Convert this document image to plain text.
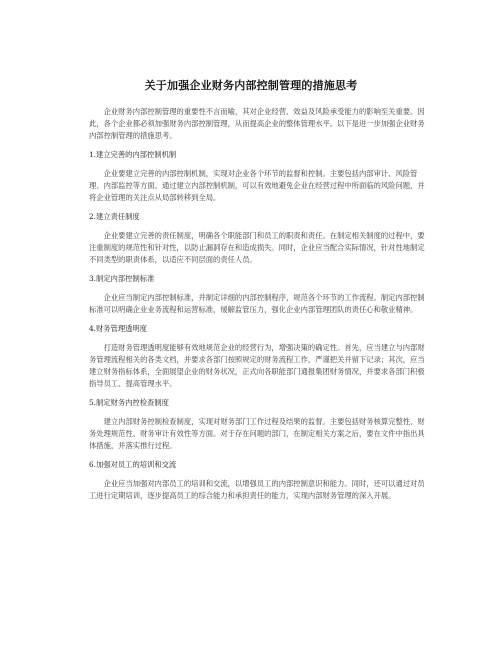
关于加强企业财务内部控制管理的措施思考

企业财务内部控制管理的重要性不言而喻，其对企业经营、效益及风险承受能力的影响至关重要。因此，各个企业都必须加强财务内部控制管理，从而提高企业的整体管理水平。以下是进一步加强企业财务内部控制管理的措施思考。

1.建立完善的内部控制机制

企业要建立完善的内部控制机制，实现对企业各个环节的监督和控制。主要包括内部审计、风险管理、内部监控等方面。通过建立内部控制机制，可以有效地避免企业在经营过程中所面临的风险问题，并将企业管理的关注点从局部转移到全局。

2.建立责任制度

企业要建立完善的责任制度，明确各个职能部门和员工的职责和责任。在制定相关制度的过程中，要注重制度的规范性和针对性，以防止漏洞存在和造成损失。同时，企业应当配合实际情况，针对性地制定不同类型的职责体系，以适应不同层面的责任人员。

3.制定内部控制标准

企业应当制定内部控制标准，并制定详细的内部控制程序，规范各个环节的工作流程。制定内部控制标准可以明确企业业务流程和运营标准，缓解监管压力，强化企业内部管理团队的责任心和敬业精神。

4.财务管理透明度

打造财务管理透明度能够有效地规范企业的经营行为，增强决策的确定性。首先，应当建立与内部财务管理流程相关的各类文档，并要求各部门按照规定的财务流程工作，严谨把关并留下记录；其次，应当建立财务指标体系，全面展望企业的财务状况，正式向各职能部门通报集团财务情况，并要求各部门积极指导员工、提高管理水平。

5.制定财务内控检查制度

建立内部财务控制检查制度，实现对财务部门工作过程及结果的监督。主要包括财务核算完整性、财务处理规范性、财务审计有效性等方面。对于存在问题的部门，在制定相关方案之后，要在文件中指出具体措施，并落实推行过程。

6.加强对员工的培训和交流

企业应当加强对内部员工的培训和交流，以增强员工的内部控制意识和能力。同时，还可以通过对员工进行定期培训，逐步提高员工的综合能力和承担责任的能力，实现内部财务管理的深入开展。
